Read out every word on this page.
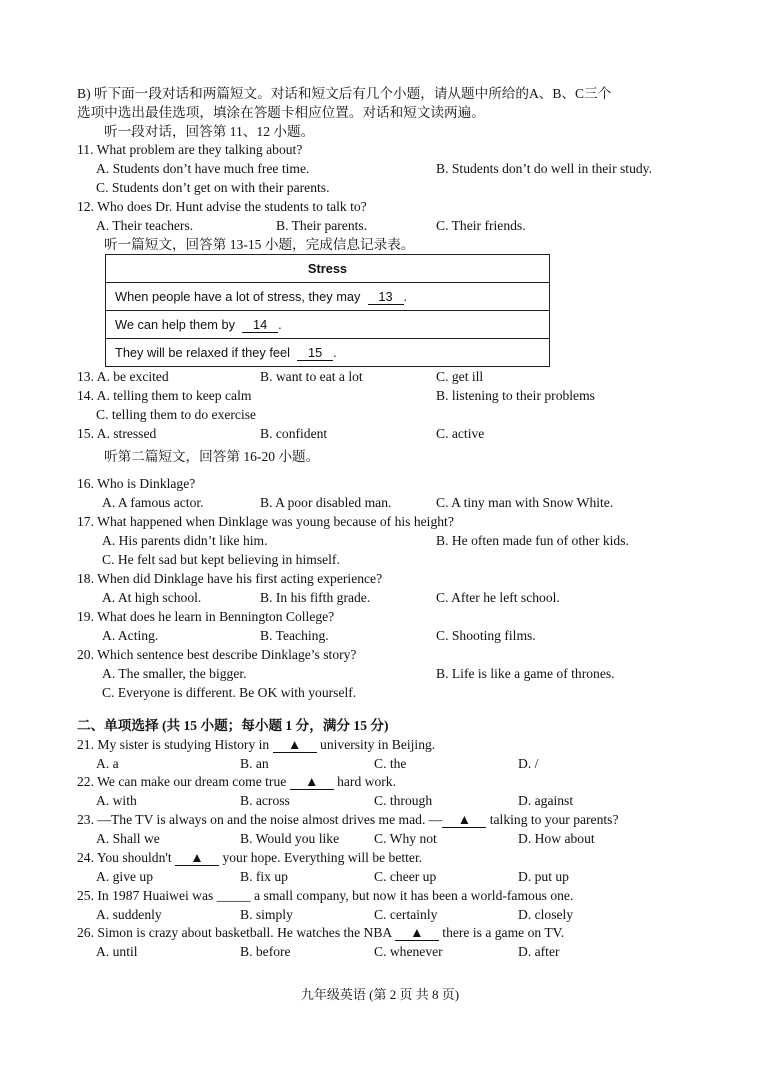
B) 听下面一段对话和两篇短文。对话和短文后有几个小题，请从题中所给的A、B、C三个
选项中选出最佳选项，填涂在答题卡相应位置。对话和短文读两遍。
听一段对话，回答第 11、12 小题。
11. What problem are they talking about?
A. Students don’t have much free time.	B. Students don’t do well in their study.
C. Students don’t get on with their parents.
12. Who does Dr. Hunt advise the students to talk to?
A. Their teachers.	B. Their parents.	C. Their friends.
听一篇短文，回答第 13-15 小题，完成信息记录表。
Stress
When people have a lot of stress, they may 13 .
We can help them by 14 .
They will be relaxed if they feel 15 .
13. A. be excited	B. want to eat a lot	C. get ill
14. A. telling them to keep calm	B. listening to their problems
C. telling them to do exercise
15. A. stressed	B. confident	C. active
听第二篇短文，回答第 16-20 小题。
16. Who is Dinklage?
A. A famous actor.	B. A poor disabled man.	C. A tiny man with Snow White.
17. What happened when Dinklage was young because of his height?
A. His parents didn’t like him.	B. He often made fun of other kids.
C. He felt sad but kept believing in himself.
18. When did Dinklage have his first acting experience?
A. At high school.	B. In his fifth grade.	C. After he left school.
19. What does he learn in Bennington College?
A. Acting.	B. Teaching.	C. Shooting films.
20. Which sentence best describe Dinklage’s story?
A. The smaller, the bigger.	B. Life is like a game of thrones.
C. Everyone is different. Be OK with yourself.
二、单项选择 (共 15 小题；每小题 1 分，满分 15 分)
21. My sister is studying History in ▲ university in Beijing.
A. a	B. an	C. the	D. /
22. We can make our dream come true ▲ hard work.
A. with	B. across	C. through	D. against
23. —The TV is always on and the noise almost drives me mad. — ▲ talking to your parents?
A. Shall we	B. Would you like	C. Why not	D. How about
24. You shouldn't ▲ your hope. Everything will be better.
A. give up	B. fix up	C. cheer up	D. put up
25. In 1987 Huaiwei was _____ a small company, but now it has been a world-famous one.
A. suddenly	B. simply	C. certainly	D. closely
26. Simon is crazy about basketball. He watches the NBA ▲ there is a game on TV.
A. until	B. before	C. whenever	D. after
九年级英语 (第 2 页 共 8 页)
